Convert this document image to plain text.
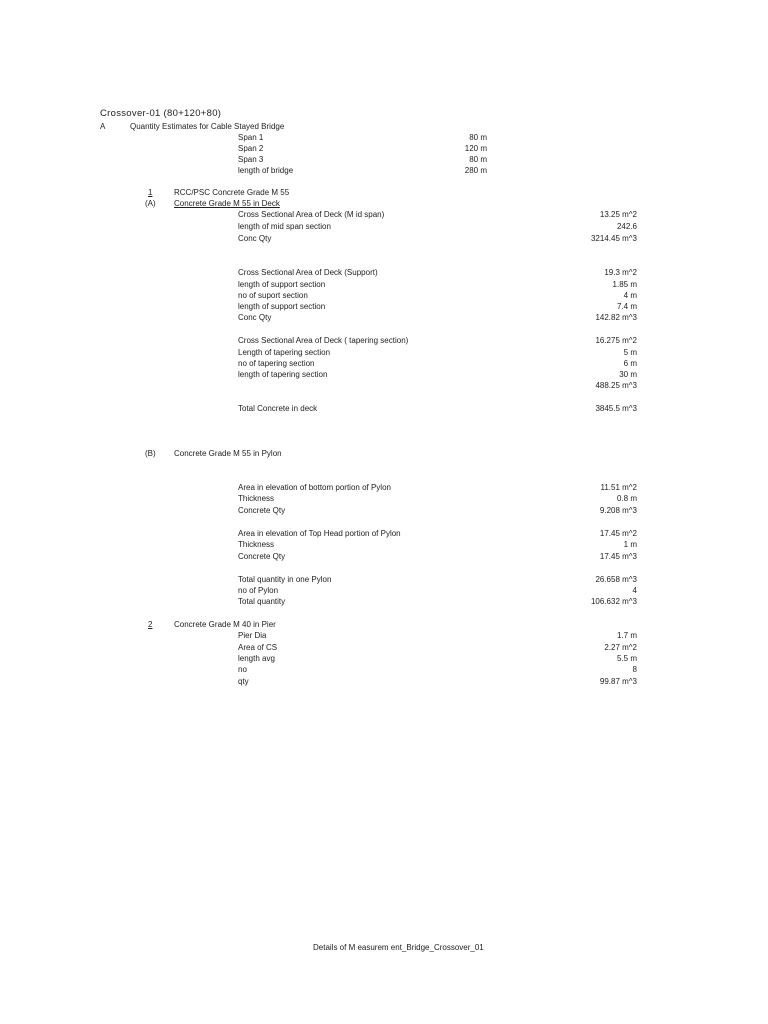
Crossover-01 (80+120+80)
A	Quantity Estimates for Cable Stayed Bridge
Span 1	80 m
Span 2	120 m
Span 3	80 m
length of bridge	280 m
1	RCC/PSC Concrete Grade M 55
(A) Concrete Grade M 55 in Deck
Cross Sectional Area of Deck (M id span)	13.25 m^2
length of mid span section	242.6
Conc Qty	3214.45 m^3
Cross Sectional Area of Deck (Support)	19.3 m^2
length of support section	1.85 m
no of suport section	4 m
length of support section	7.4 m
Conc Qty	142.82 m^3
Cross Sectional Area of Deck ( tapering section)	16.275 m^2
Length of tapering section	5 m
no of tapering section	6 m
length of tapering section	30 m
488.25 m^3
Total Concrete in deck	3845.5 m^3
(B) Concrete Grade M 55 in Pylon
Area in elevation of bottom portion of Pylon	11.51 m^2
Thickness	0.8 m
Concrete Qty	9.208 m^3
Area in elevation of Top Head portion of Pylon	17.45 m^2
Thickness	1 m
Concrete Qty	17.45 m^3
Total quantity in one Pylon	26.658 m^3
no of Pylon	4
Total quantity	106.632 m^3
2	Concrete Grade M 40 in Pier
Pier Dia	1.7 m
Area of CS	2.27 m^2
length avg	5.5 m
no	8
qty	99.87 m^3
Details of M easurem ent_Bridge_Crossover_01
